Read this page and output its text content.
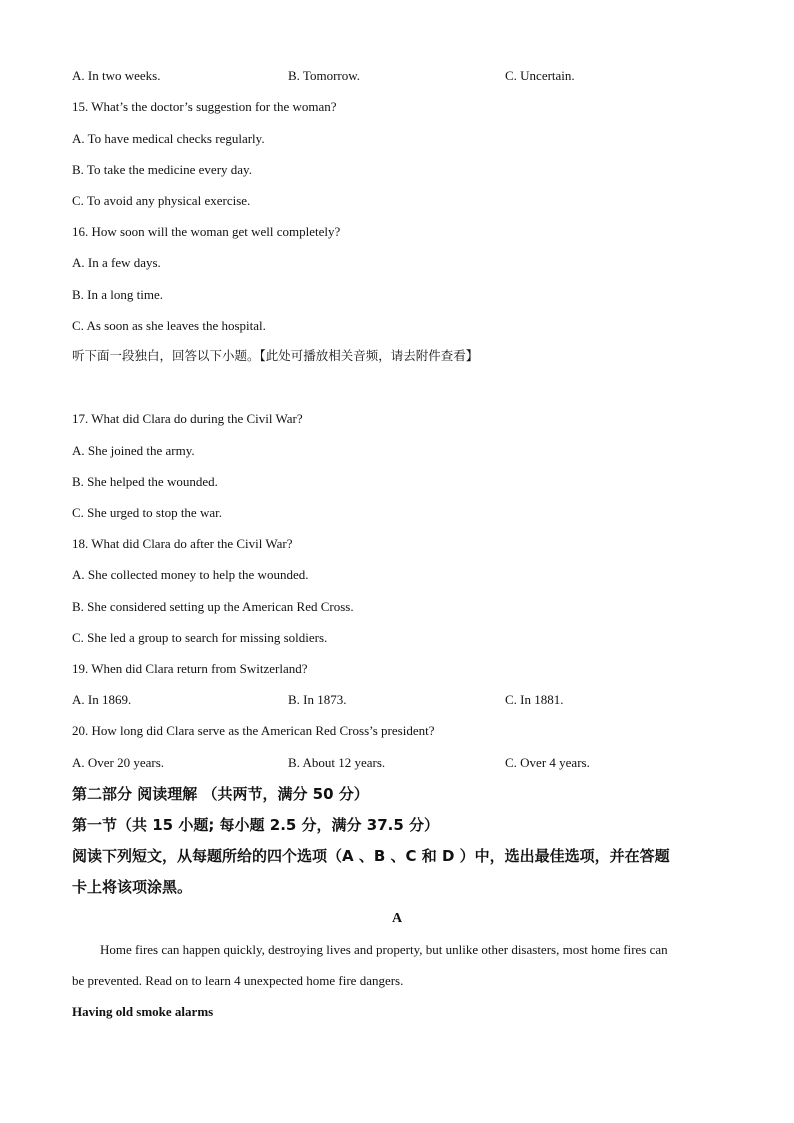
A. In two weeks.	B. Tomorrow.	C. Uncertain.
15. What’s the doctor’s suggestion for the woman?
A. To have medical checks regularly.
B. To take the medicine every day.
C. To avoid any physical exercise.
16. How soon will the woman get well completely?
A. In a few days.
B. In a long time.
C. As soon as she leaves the hospital.
听下面一段独白，回答以下小题。【此处可播放相关音频，请去附件查看】
17. What did Clara do during the Civil War?
A. She joined the army.
B. She helped the wounded.
C. She urged to stop the war.
18. What did Clara do after the Civil War?
A. She collected money to help the wounded.
B. She considered setting up the American Red Cross.
C. She led a group to search for missing soldiers.
19. When did Clara return from Switzerland?
A. In 1869.	B. In 1873.	C. In 1881.
20. How long did Clara serve as the American Red Cross’s president?
A. Over 20 years.	B. About 12 years.	C. Over 4 years.
第二部分 阅读理解 （共两节，满分 50 分）
第一节（共 15 小题; 每小题 2.5 分，满分 37.5 分）
阅读下列短文，从每题所给的四个选项（A 、B 、C 和 D ）中，选出最佳选项，并在答题
卡上将该项涂黑。
A
Home fires can happen quickly, destroying lives and property, but unlike other disasters, most home fires can
be prevented. Read on to learn 4 unexpected home fire dangers.
Having old smoke alarms
